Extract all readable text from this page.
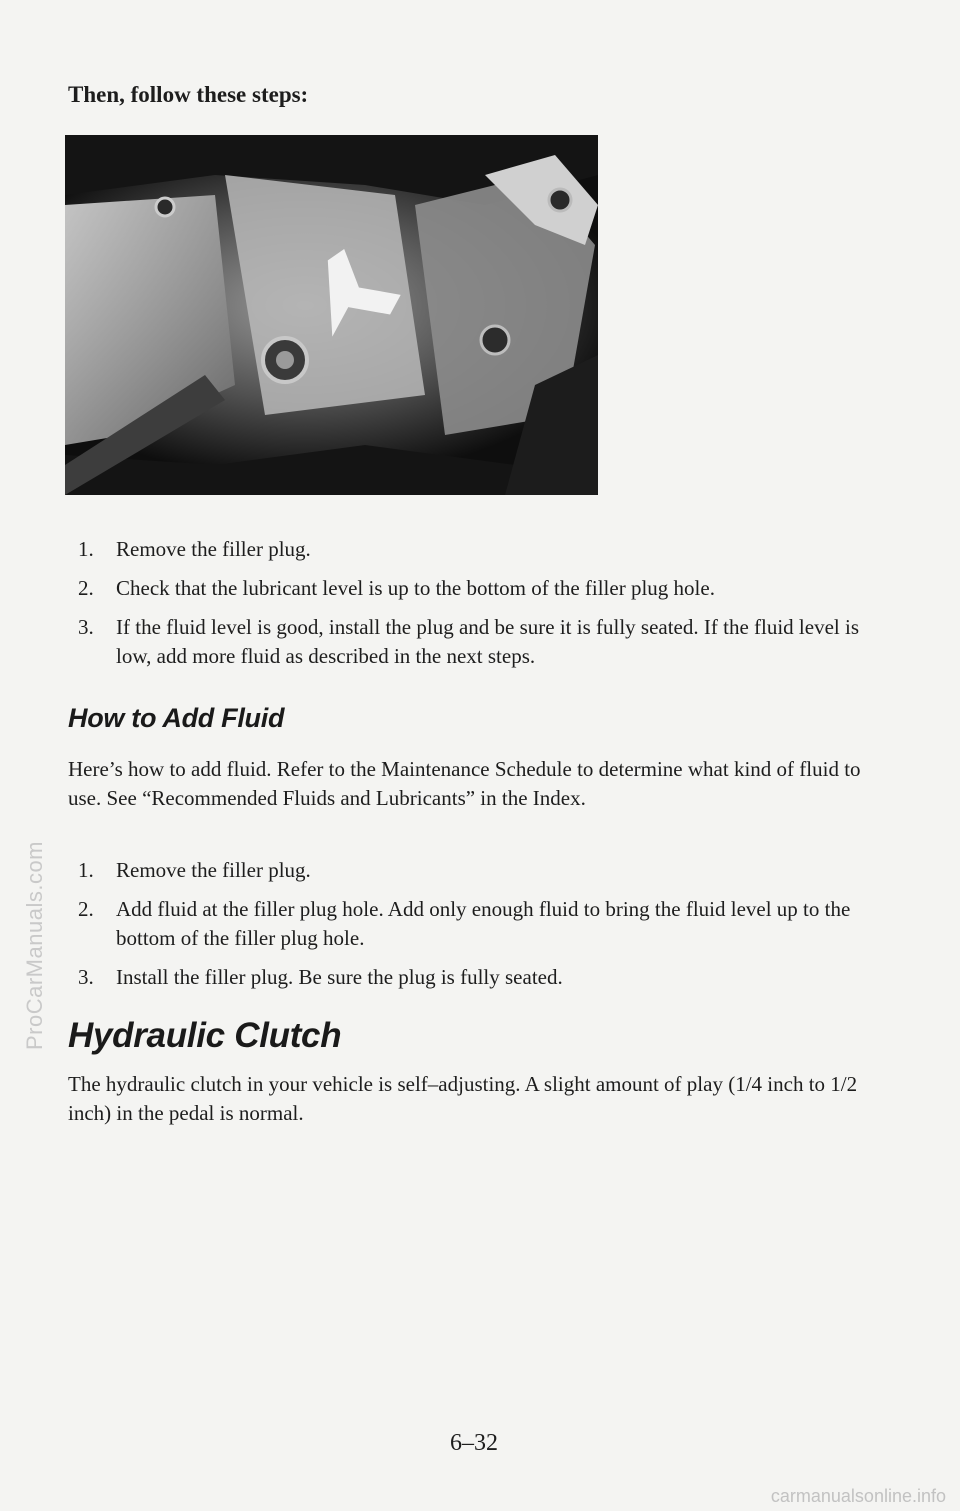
ProCarManuals.com
Then, follow these steps:
1. Remove the filler plug.
2. Check that the lubricant level is up to the bottom of the filler plug hole.
3. If the fluid level is good, install the plug and be sure it is fully seated. If the fluid level is low, add more fluid as described in the next steps.
How to Add Fluid

Here’s how to add fluid. Refer to the Maintenance Schedule to determine what kind of fluid to use. See “Recommended Fluids and Lubricants” in the Index.

1. Remove the filler plug.
2. Add fluid at the filler plug hole. Add only enough fluid to bring the fluid level up to the bottom of the filler plug hole.
3. Install the filler plug. Be sure the plug is fully seated.
Hydraulic Clutch

The hydraulic clutch in your vehicle is self–adjusting. A slight amount of play (1/4 inch to 1/2 inch) in the pedal is normal.

6–32
carmanualsonline.info
